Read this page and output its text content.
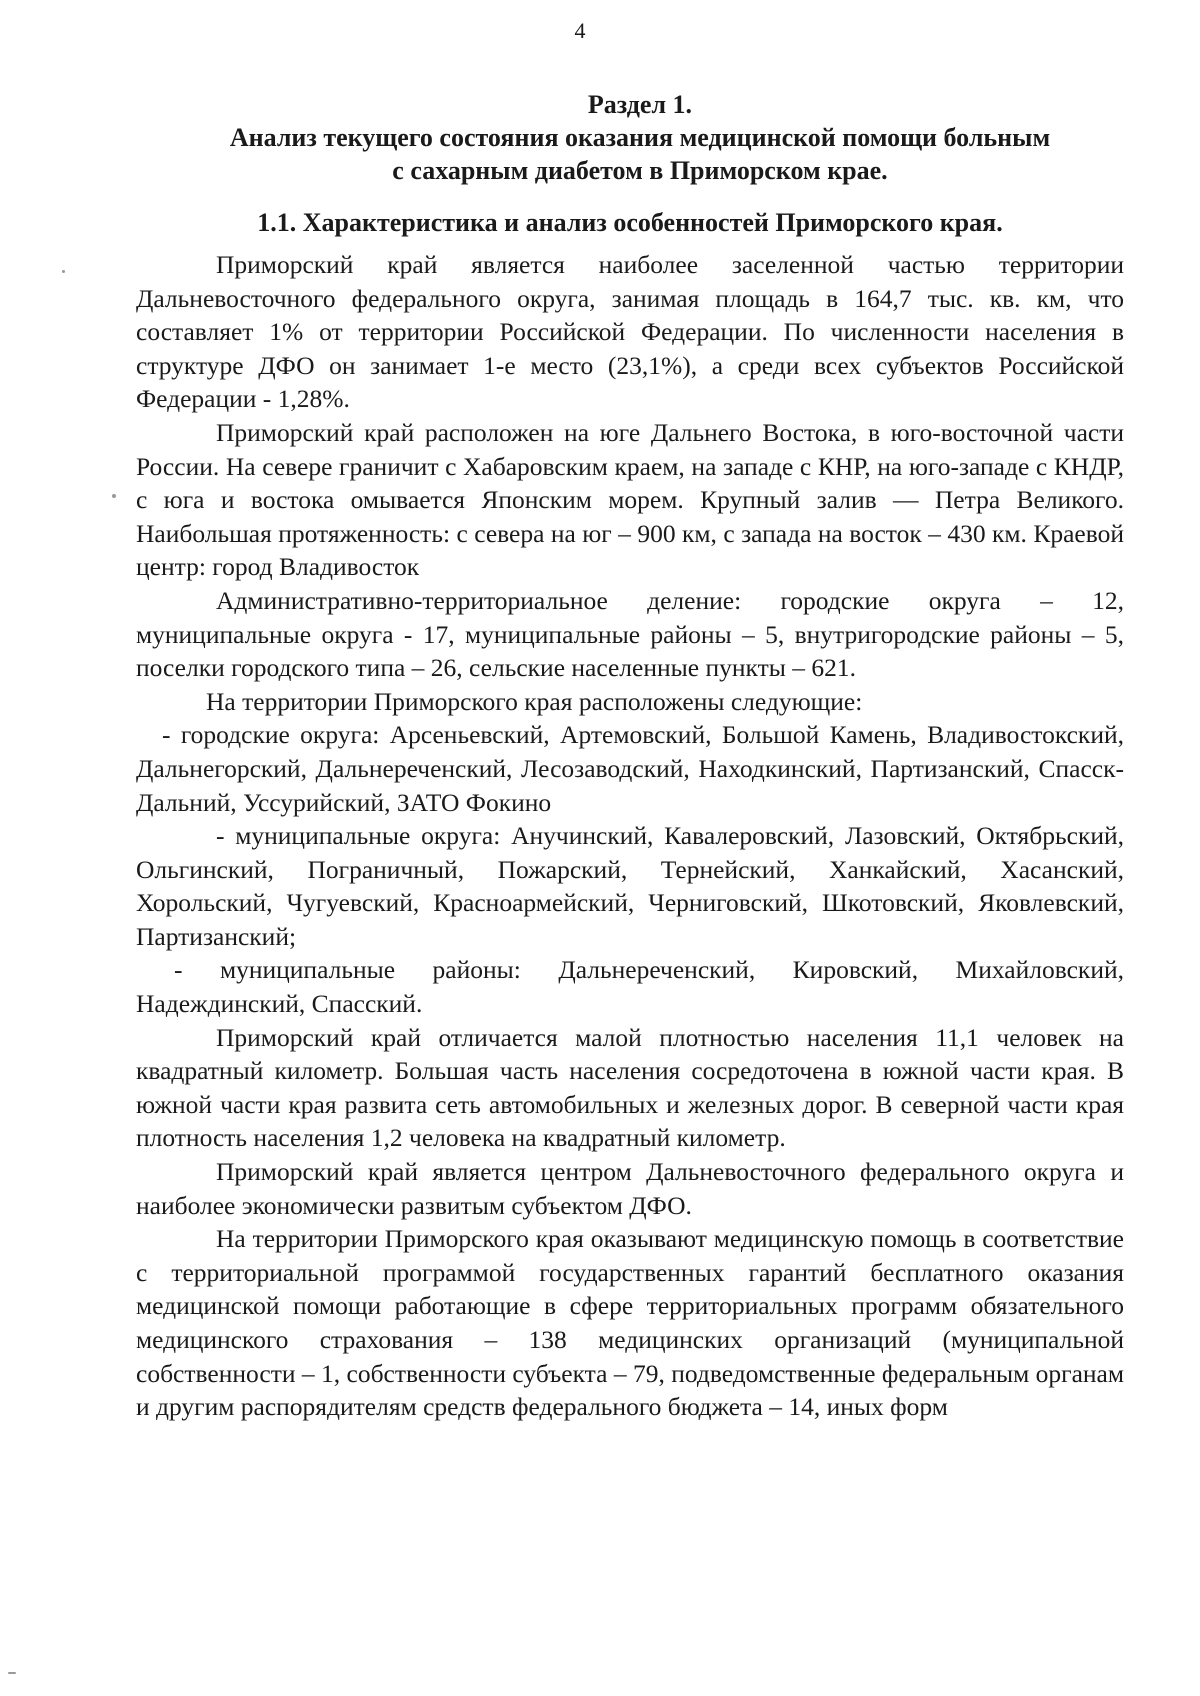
4
Раздел 1.
Анализ текущего состояния оказания медицинской помощи больным
с сахарным диабетом в Приморском крае.
1.1. Характеристика и анализ особенностей Приморского края.

Приморский край является наиболее заселенной частью территории Дальневосточного федерального округа, занимая площадь в 164,7 тыс. кв. км, что составляет 1% от территории Российской Федерации. По численности населения в структуре ДФО он занимает 1-е место (23,1%), а среди всех субъектов Российской Федерации - 1,28%.

Приморский край расположен на юге Дальнего Востока, в юго-восточной части России. На севере граничит с Хабаровским краем, на западе с КНР, на юго-западе с КНДР, с юга и востока омывается Японским морем. Крупный залив — Петра Великого. Наибольшая протяженность: с севера на юг – 900 км, с запада на восток – 430 км. Краевой центр: город Владивосток

Административно-территориальное деление: городские округа – 12, муниципальные округа - 17, муниципальные районы – 5, внутригородские районы – 5, поселки городского типа – 26, сельские населенные пункты – 621.

На территории Приморского края расположены следующие:

- городские округа: Арсеньевский, Артемовский, Большой Камень, Владивостокский, Дальнегорский, Дальнереченский, Лесозаводский, Находкинский, Партизанский, Спасск-Дальний, Уссурийский, ЗАТО Фокино

- муниципальные округа: Анучинский, Кавалеровский, Лазовский, Октябрьский, Ольгинский, Пограничный, Пожарский, Тернейский, Ханкайский, Хасанский, Хорольский, Чугуевский, Красноармейский, Черниговский, Шкотовский, Яковлевский, Партизанский;

- муниципальные районы: Дальнереченский, Кировский, Михайловский, Надеждинский, Спасский.

Приморский край отличается малой плотностью населения 11,1 человек на квадратный километр. Большая часть населения сосредоточена в южной части края. В южной части края развита сеть автомобильных и железных дорог. В северной части края плотность населения 1,2 человека на квадратный километр.

Приморский край является центром Дальневосточного федерального округа и наиболее экономически развитым субъектом ДФО.

На территории Приморского края оказывают медицинскую помощь в соответствие с территориальной программой государственных гарантий бесплатного оказания медицинской помощи работающие в сфере территориальных программ обязательного медицинского страхования – 138 медицинских организаций (муниципальной собственности – 1, собственности субъекта – 79, подведомственные федеральным органам и другим распорядителям средств федерального бюджета – 14, иных форм
